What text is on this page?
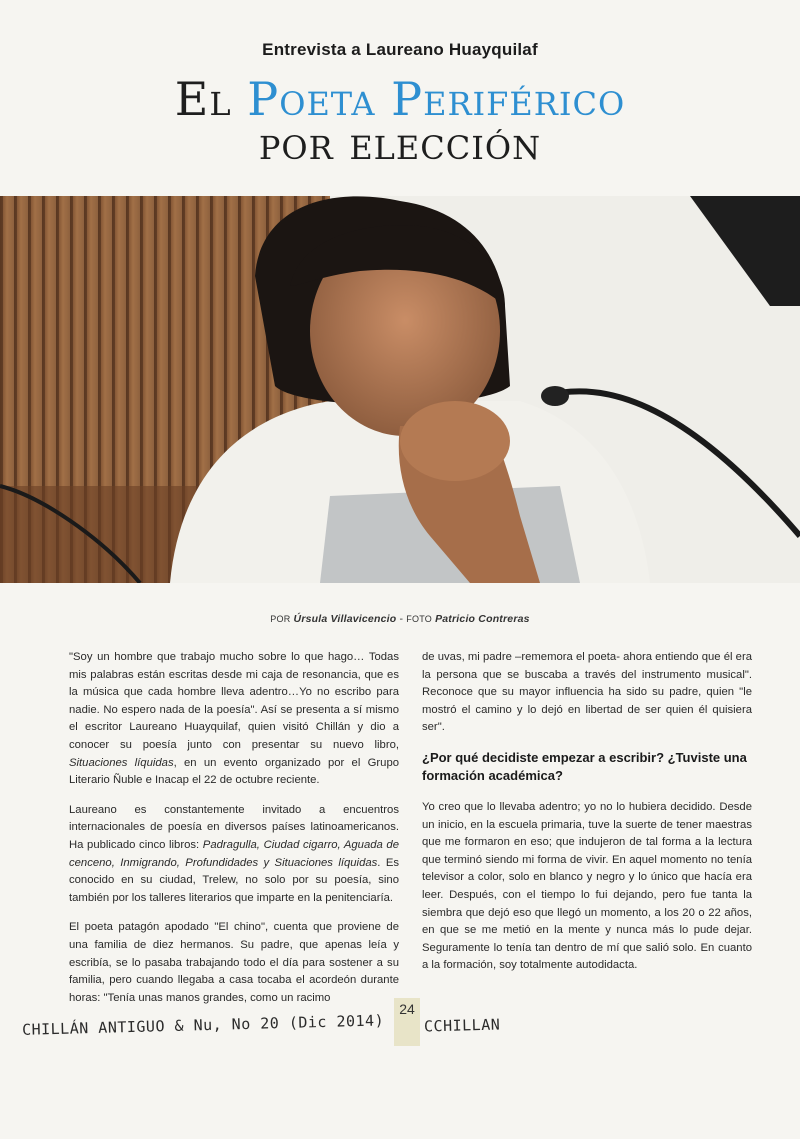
Entrevista a Laureano Huayquilaf
El Poeta Periférico
por elección
POR Úrsula Villavicencio - FOTO Patricio Contreras

"Soy un hombre que trabajo mucho sobre lo que hago… Todas mis palabras están escritas desde mi caja de resonancia, que es la música que cada hombre lleva adentro…Yo no escribo para nadie. No espero nada de la poesía". Así se presenta a sí mismo el escritor Laureano Huayquilaf, quien visitó Chillán y dio a conocer su poesía junto con presentar su nuevo libro, Situaciones líquidas, en un evento organizado por el Grupo Literario Ñuble e Inacap el 22 de octubre reciente.

Laureano es constantemente invitado a encuentros internacionales de poesía en diversos países latinoamericanos. Ha publicado cinco libros: Padragulla, Ciudad cigarro, Aguada de cenceno, Inmigrando, Profundidades y Situaciones líquidas. Es conocido en su ciudad, Trelew, no solo por su poesía, sino también por los talleres literarios que imparte en la penitenciaría.

El poeta patagón apodado "El chino", cuenta que proviene de una familia de diez hermanos. Su padre, que apenas leía y escribía, se lo pasaba trabajando todo el día para sostener a su familia, pero cuando llegaba a casa tocaba el acordeón durante horas: "Tenía unas manos grandes, como un racimo

de uvas, mi padre –rememora el poeta- ahora entiendo que él era la persona que se buscaba a través del instrumento musical". Reconoce que su mayor influencia ha sido su padre, quien "le mostró el camino y lo dejó en libertad de ser quien él quisiera ser".

¿Por qué decidiste empezar a escribir? ¿Tuviste una formación académica?

Yo creo que lo llevaba adentro; yo no lo hubiera decidido. Desde un inicio, en la escuela primaria, tuve la suerte de tener maestras que me formaron en eso; que indujeron de tal forma a la lectura que terminó siendo mi forma de vivir. En aquel momento no tenía televisor a color, solo en blanco y negro y lo único que hacía era leer. Después, con el tiempo lo fui dejando, pero fue tanta la siembra que dejó eso que llegó un momento, a los 20 o 22 años, en que se me metió en la mente y nunca más lo pude dejar. Seguramente lo tenía tan dentro de mí que salió solo. En cuanto a la formación, soy totalmente autodidacta.

24
CHILLÁN ANTIGUO & Nu, No 20 (Dic 2014)	CCHILLAN
